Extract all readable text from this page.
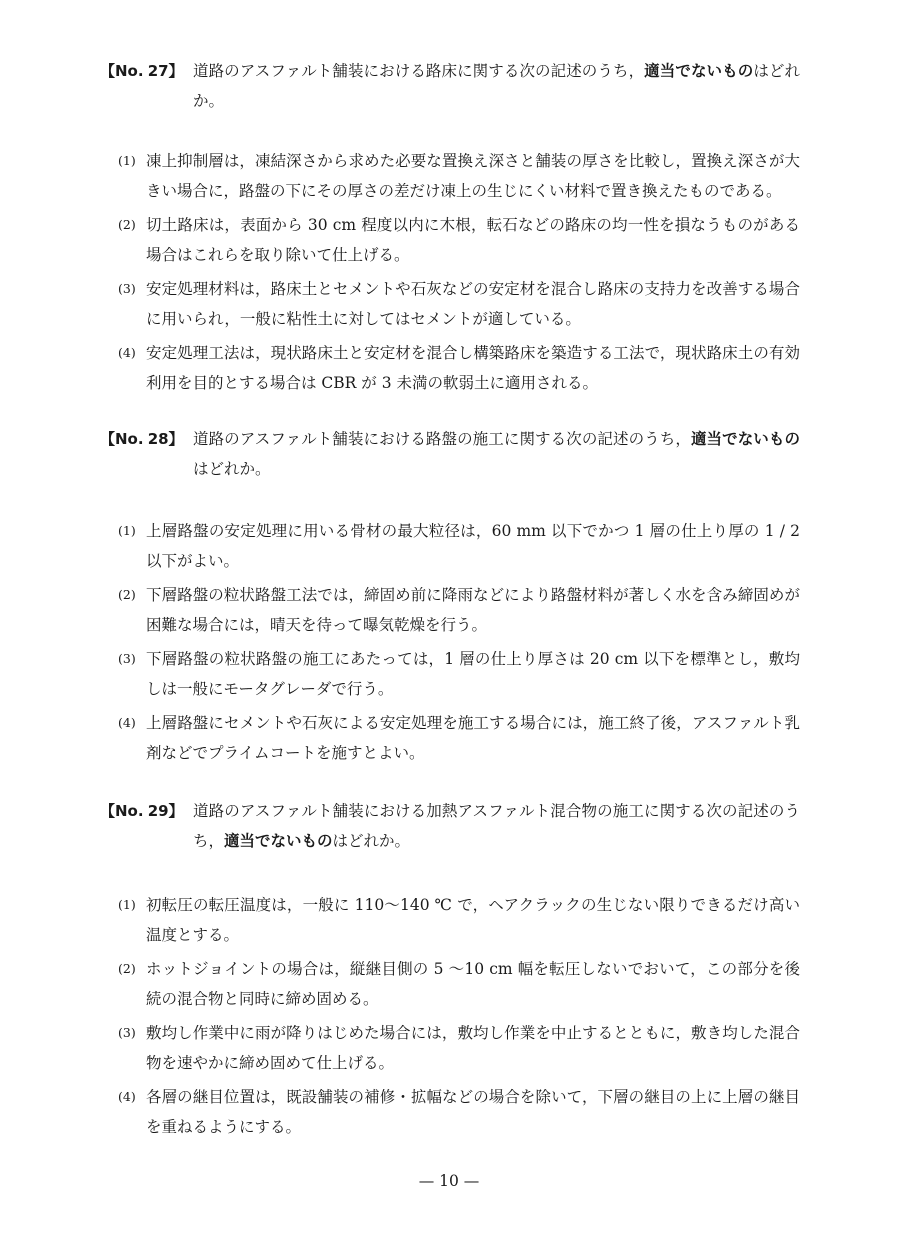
【No. 27】 道路のアスファルト舗装における路床に関する次の記述のうち，適当でないものはどれか。
(1) 凍上抑制層は，凍結深さから求めた必要な置換え深さと舗装の厚さを比較し，置換え深さが大きい場合に，路盤の下にその厚さの差だけ凍上の生じにくい材料で置き換えたものである。
(2) 切土路床は，表面から 30 cm 程度以内に木根，転石などの路床の均一性を損なうものがある場合はこれらを取り除いて仕上げる。
(3) 安定処理材料は，路床土とセメントや石灰などの安定材を混合し路床の支持力を改善する場合に用いられ，一般に粘性土に対してはセメントが適している。
(4) 安定処理工法は，現状路床土と安定材を混合し構築路床を築造する工法で，現状路床土の有効利用を目的とする場合は CBR が 3 未満の軟弱土に適用される。
【No. 28】 道路のアスファルト舗装における路盤の施工に関する次の記述のうち，適当でないものはどれか。
(1) 上層路盤の安定処理に用いる骨材の最大粒径は，60 mm 以下でかつ 1 層の仕上り厚の 1 / 2 以下がよい。
(2) 下層路盤の粒状路盤工法では，締固め前に降雨などにより路盤材料が著しく水を含み締固めが困難な場合には，晴天を待って曝気乾燥を行う。
(3) 下層路盤の粒状路盤の施工にあたっては，1 層の仕上り厚さは 20 cm 以下を標準とし，敷均しは一般にモータグレーダで行う。
(4) 上層路盤にセメントや石灰による安定処理を施工する場合には，施工終了後，アスファルト乳剤などでプライムコートを施すとよい。
【No. 29】 道路のアスファルト舗装における加熱アスファルト混合物の施工に関する次の記述のうち，適当でないものはどれか。
(1) 初転圧の転圧温度は，一般に 110～140 ℃ で，ヘアクラックの生じない限りできるだけ高い温度とする。
(2) ホットジョイントの場合は，縦継目側の 5 ～10 cm 幅を転圧しないでおいて，この部分を後続の混合物と同時に締め固める。
(3) 敷均し作業中に雨が降りはじめた場合には，敷均し作業を中止するとともに，敷き均した混合物を速やかに締め固めて仕上げる。
(4) 各層の継目位置は，既設舗装の補修・拡幅などの場合を除いて，下層の継目の上に上層の継目を重ねるようにする。
— 10 —
